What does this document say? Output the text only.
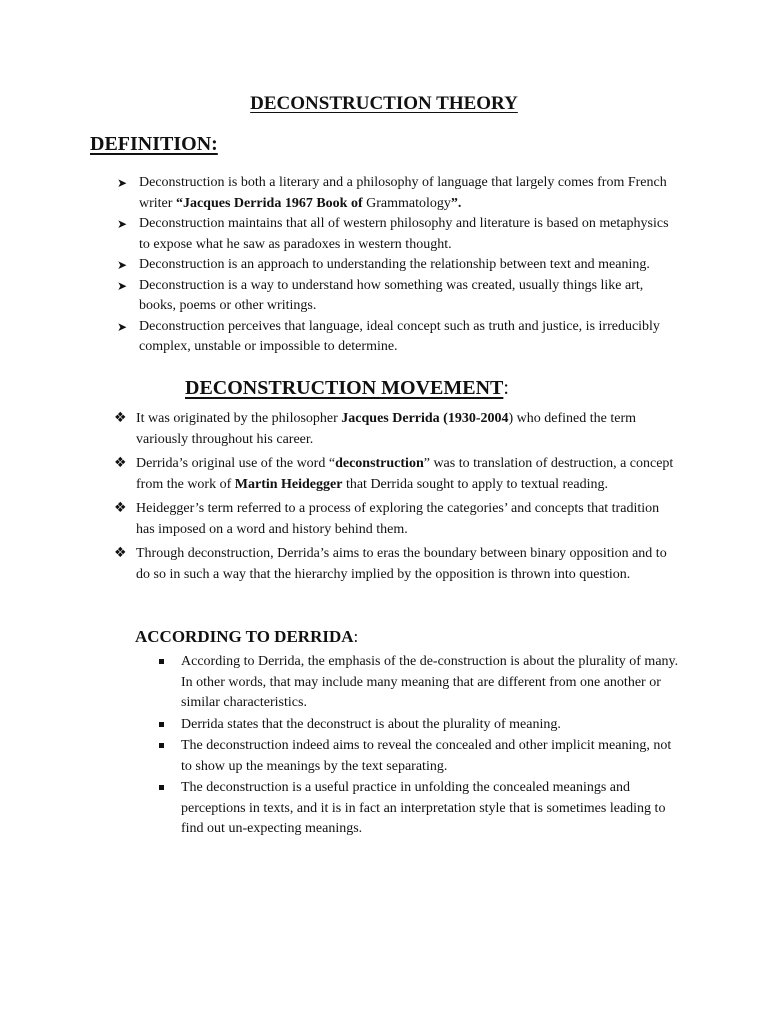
DECONSTRUCTION THEORY
DEFINITION:
➤ Deconstruction is both a literary and a philosophy of language that largely comes from French writer “Jacques Derrida 1967 Book of Grammatology”.
➤ Deconstruction maintains that all of western philosophy and literature is based on metaphysics to expose what he saw as paradoxes in western thought.
➤ Deconstruction is an approach to understanding the relationship between text and meaning.
➤ Deconstruction is a way to understand how something was created, usually things like art, books, poems or other writings.
➤ Deconstruction perceives that language, ideal concept such as truth and justice, is irreducibly complex, unstable or impossible to determine.
DECONSTRUCTION MOVEMENT:
❖ It was originated by the philosopher Jacques Derrida (1930-2004) who defined the term variously throughout his career.
❖ Derrida’s original use of the word “deconstruction” was to translation of destruction, a concept from the work of Martin Heidegger that Derrida sought to apply to textual reading.
❖ Heidegger’s term referred to a process of exploring the categories’ and concepts that tradition has imposed on a word and history behind them.
❖ Through deconstruction, Derrida’s aims to eras the boundary between binary opposition and to do so in such a way that the hierarchy implied by the opposition is thrown into question.
ACCORDING TO DERRIDA:
According to Derrida, the emphasis of the de-construction is about the plurality of many. In other words, that may include many meaning that are different from one another or similar characteristics.
Derrida states that the deconstruct is about the plurality of meaning.
The deconstruction indeed aims to reveal the concealed and other implicit meaning, not to show up the meanings by the text separating.
The deconstruction is a useful practice in unfolding the concealed meanings and perceptions in texts, and it is in fact an interpretation style that is sometimes leading to find out un-expecting meanings.
